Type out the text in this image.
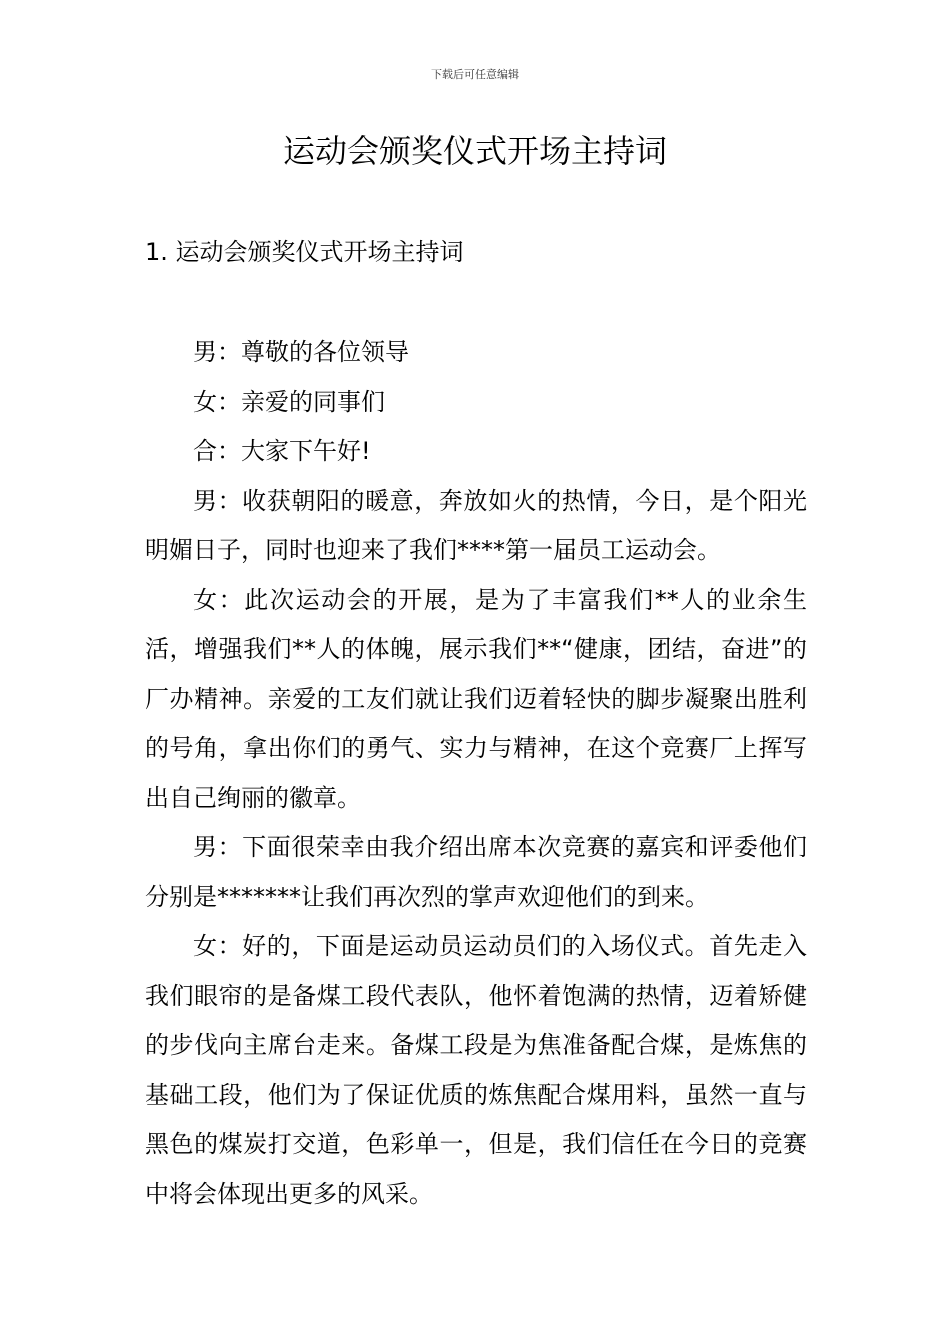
下载后可任意编辑
运动会颁奖仪式开场主持词
1. 运动会颁奖仪式开场主持词

男：尊敬的各位领导

女：亲爱的同事们

合：大家下午好!

男：收获朝阳的暖意，奔放如火的热情，今日，是个阳光明媚日子，同时也迎来了我们****第一届员工运动会。

女：此次运动会的开展，是为了丰富我们**人的业余生活，增强我们**人的体魄，展示我们**“健康，团结，奋进”的厂办精神。亲爱的工友们就让我们迈着轻快的脚步凝聚出胜利的号角，拿出你们的勇气、实力与精神，在这个竞赛厂上挥写出自己绚丽的徽章。

男：下面很荣幸由我介绍出席本次竞赛的嘉宾和评委他们分别是*******让我们再次烈的掌声欢迎他们的到来。

女：好的，下面是运动员运动员们的入场仪式。首先走入我们眼帘的是备煤工段代表队，他怀着饱满的热情，迈着矫健的步伐向主席台走来。备煤工段是为焦准备配合煤，是炼焦的基础工段，他们为了保证优质的炼焦配合煤用料，虽然一直与黑色的煤炭打交道，色彩单一，但是，我们信任在今日的竞赛中将会体现出更多的风采。
